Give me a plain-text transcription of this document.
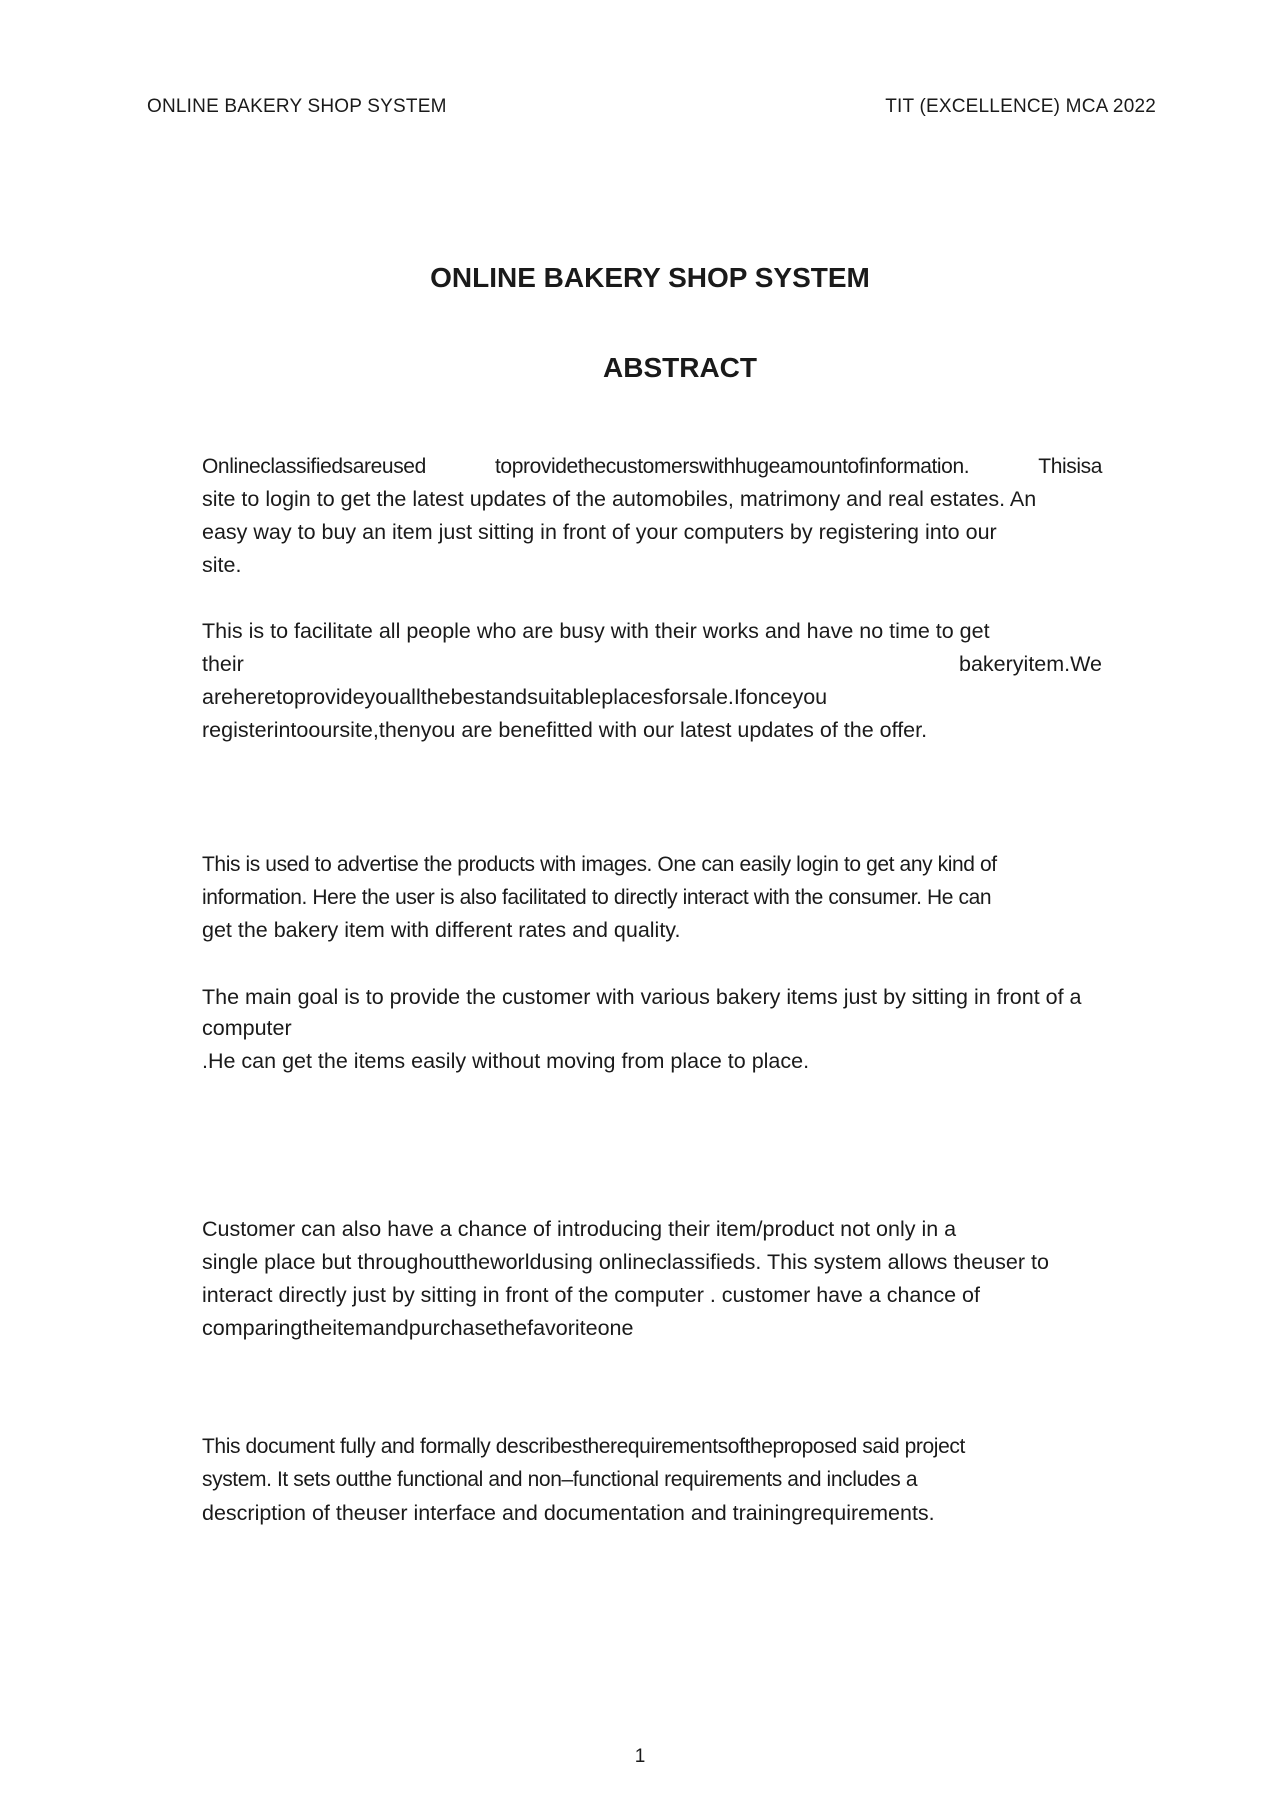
ONLINE BAKERY SHOP SYSTEM	TIT (EXCELLENCE) MCA 2022
ONLINE BAKERY SHOP SYSTEM
ABSTRACT
Onlineclassifiedsareused	toprovidethecustomerswithhugeamountofinformation.	Thisisa
site to login to get the latest updates of the automobiles, matrimony and real estates. An
easy way to buy an item just sitting in front of your computers by registering into our
site.
This is to facilitate all people who are busy with their works and have no time to get
their	bakeryitem.We
areheretoprovideyouallthebestandsuitableplacesforsale.Ifonceyou
registerintooursite,thenyou are benefitted with our latest updates of the offer.
This is used to advertise the products with images. One can easily login to get any kind of
information. Here the user is also facilitated to directly interact with the consumer. He can
get the bakery item with different rates and quality.
The main goal is to provide the customer with various bakery items just by sitting in front of a
computer
.He can get the items easily without moving from place to place.
Customer can also have a chance of introducing their item/product not only in a
single place but throughouttheworldusing onlineclassifieds. This system allows theuser to
interact directly just by sitting in front of the computer . customer have a chance of
comparingtheitemandpurchasethefavoriteone
This document fully and formally describestherequirementsoftheproposed said project
system. It sets outthe functional and non–functional requirements and includes a
description of theuser interface and documentation and trainingrequirements.
1
